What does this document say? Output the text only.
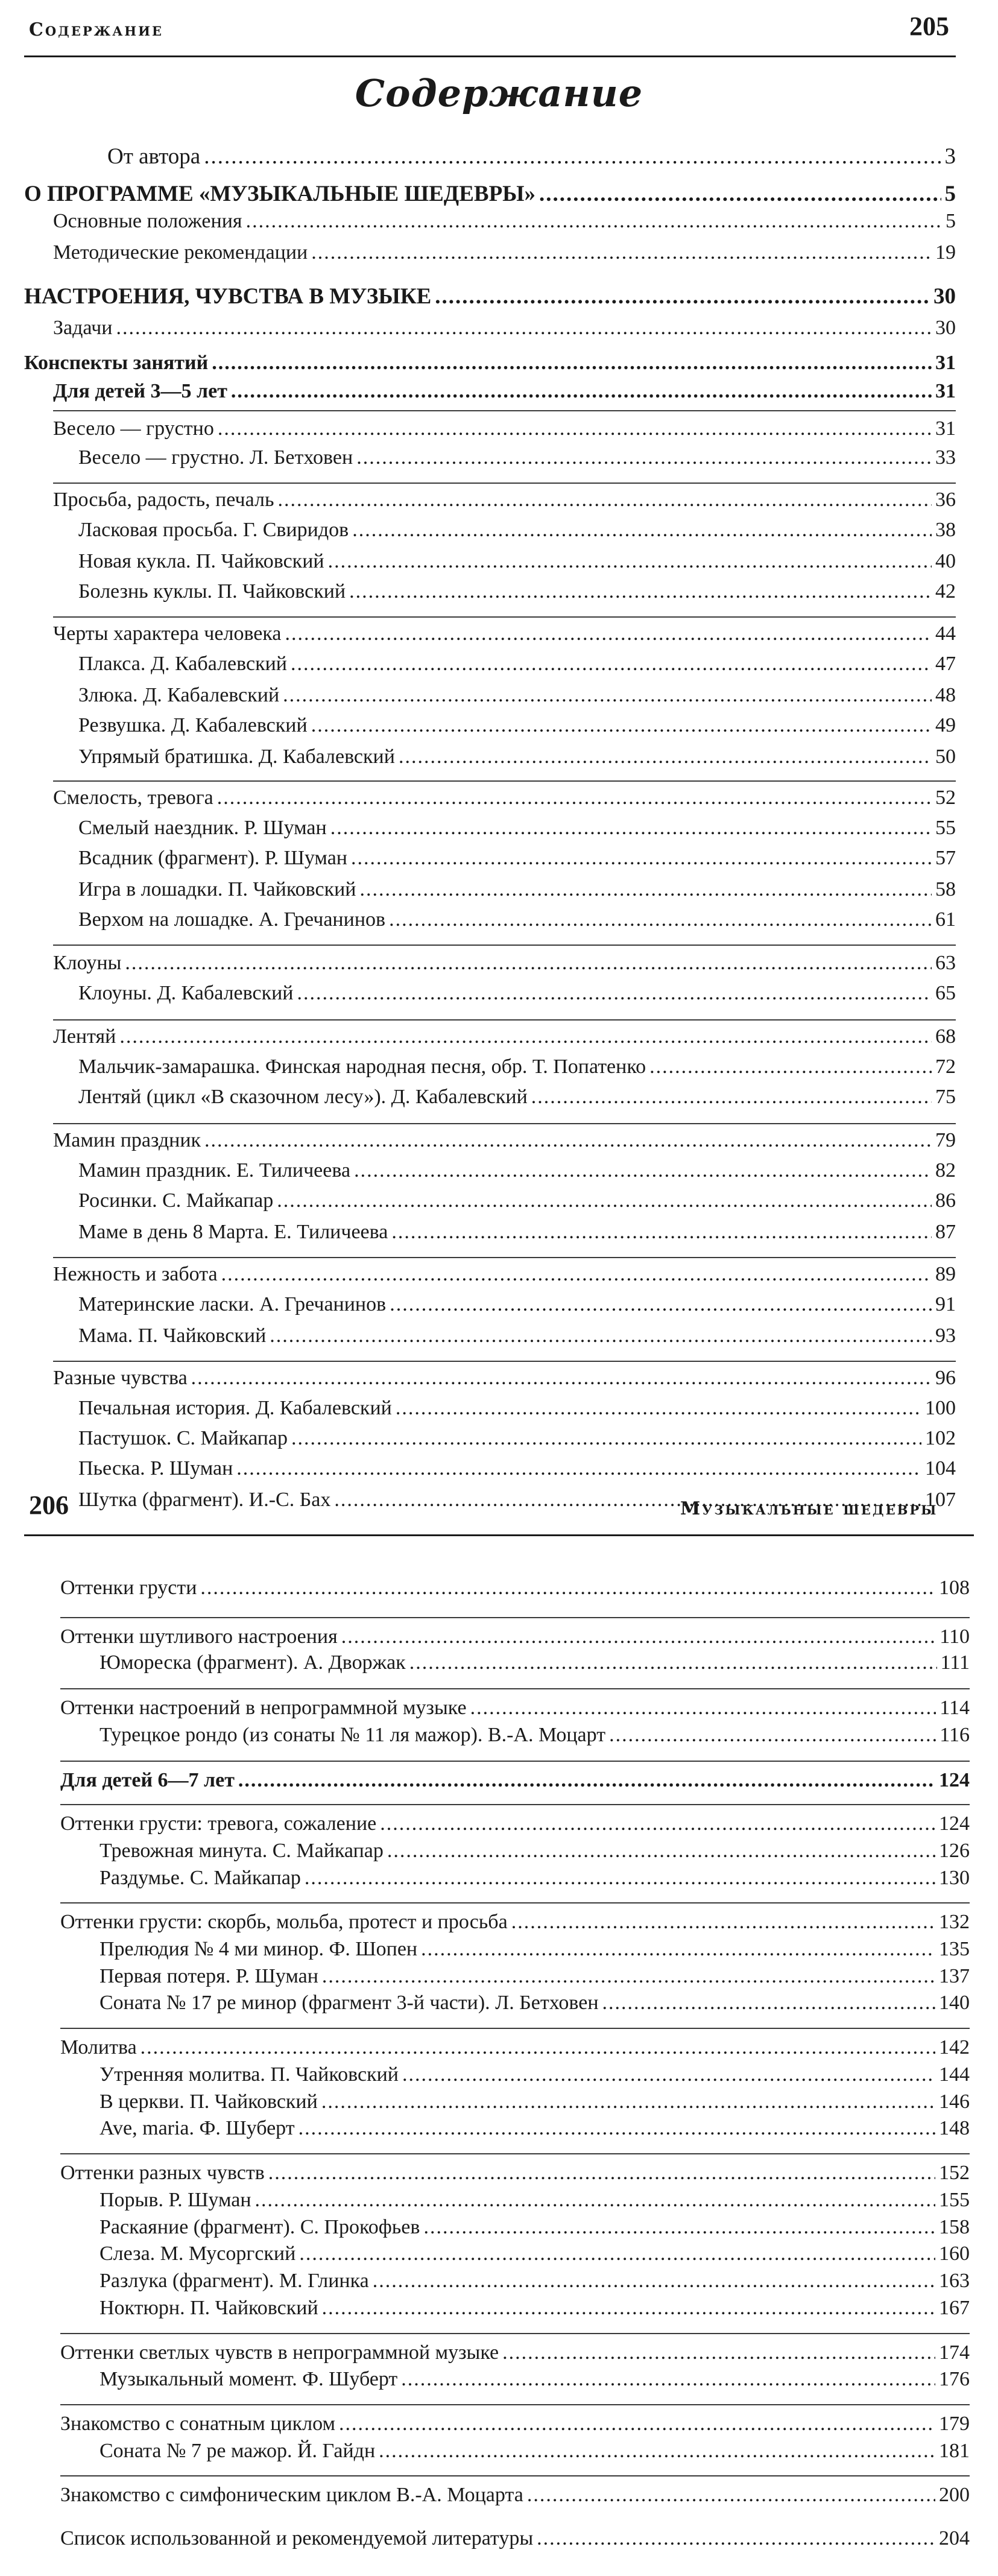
Содержание	205
Содержание
От автора .....	3
О ПРОГРАММЕ «МУЗЫКАЛЬНЫЕ ШЕДЕВРЫ» .....	5
Основные положения .....	5
Методические рекомендации .....	19
НАСТРОЕНИЯ, ЧУВСТВА В МУЗЫКЕ .....	30
Задачи .....	30
Конспекты занятий .....	31
Для детей 3—5 лет .....	31
Весело — грустно .....	31
Весело — грустно. Л. Бетховен .....	33
Просьба, радость, печаль .....	36
Ласковая просьба. Г. Свиридов .....	38
Новая кукла. П. Чайковский .....	40
Болезнь куклы. П. Чайковский .....	42
Черты характера человека .....	44
Плакса. Д. Кабалевский .....	47
Злюка. Д. Кабалевский .....	48
Резвушка. Д. Кабалевский .....	49
Упрямый братишка. Д. Кабалевский .....	50
Смелость, тревога .....	52
Смелый наездник. Р. Шуман .....	55
Всадник (фрагмент). Р. Шуман .....	57
Игра в лошадки. П. Чайковский .....	58
Верхом на лошадке. А. Гречанинов .....	61
Клоуны .....	63
Клоуны. Д. Кабалевский .....	65
Лентяй .....	68
Мальчик-замарашка. Финская народная песня, обр. Т. Попатенко .....	72
Лентяй (цикл «В сказочном лесу»). Д. Кабалевский .....	75
Мамин праздник .....	79
Мамин праздник. Е. Тиличеева .....	82
Росинки. С. Майкапар .....	86
Маме в день 8 Марта. Е. Тиличеева .....	87
Нежность и забота .....	89
Материнские ласки. А. Гречанинов .....	91
Мама. П. Чайковский .....	93
Разные чувства .....	96
Печальная история. Д. Кабалевский .....	100
Пастушок. С. Майкапар .....	102
Пьеска. Р. Шуман .....	104
Шутка (фрагмент). И.-С. Бах .....	107
206	Музыкальные шедевры
Оттенки грусти .....	108
Оттенки шутливого настроения .....	110
Юмореска (фрагмент). А. Дворжак .....	111
Оттенки настроений в непрограммной музыке .....	114
Турецкое рондо (из сонаты № 11 ля мажор). В.-А. Моцарт .....	116
Для детей 6—7 лет .....	124
Оттенки грусти: тревога, сожаление .....	124
Тревожная минута. С. Майкапар .....	126
Раздумье. С. Майкапар .....	130
Оттенки грусти: скорбь, мольба, протест и просьба .....	132
Прелюдия № 4 ми минор. Ф. Шопен .....	135
Первая потеря. Р. Шуман .....	137
Соната № 17 ре минор (фрагмент 3-й части). Л. Бетховен .....	140
Молитва .....	142
Утренняя молитва. П. Чайковский .....	144
В церкви. П. Чайковский .....	146
Ave, maria. Ф. Шуберт .....	148
Оттенки разных чувств .....	152
Порыв. Р. Шуман .....	155
Раскаяние (фрагмент). С. Прокофьев .....	158
Слеза. М. Мусоргский .....	160
Разлука (фрагмент). М. Глинка .....	163
Ноктюрн. П. Чайковский .....	167
Оттенки светлых чувств в непрограммной музыке .....	174
Музыкальный момент. Ф. Шуберт .....	176
Знакомство с сонатным циклом .....	179
Соната № 7 ре мажор. Й. Гайдн .....	181
Знакомство с симфоническим циклом В.-А. Моцарта .....	200
Список использованной и рекомендуемой литературы .....	204
